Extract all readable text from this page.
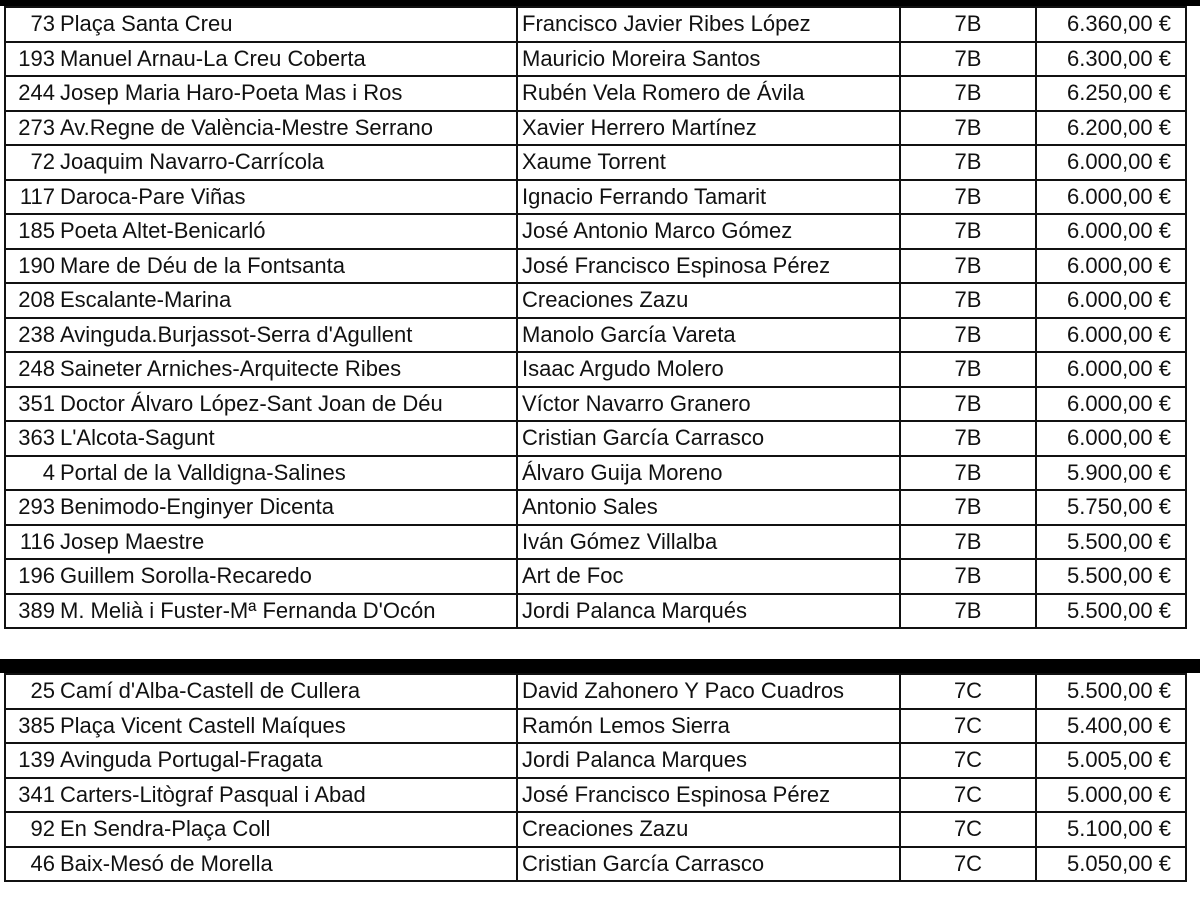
73	Plaça Santa Creu	Francisco Javier Ribes López	7B	6.360,00 €
193	Manuel Arnau-La Creu Coberta	Mauricio Moreira Santos	7B	6.300,00 €
244	Josep Maria Haro-Poeta Mas i Ros	Rubén Vela Romero de Ávila	7B	6.250,00 €
273	Av.Regne de València-Mestre Serrano	Xavier Herrero Martínez	7B	6.200,00 €
72	Joaquim Navarro-Carrícola	Xaume Torrent	7B	6.000,00 €
117	Daroca-Pare Viñas	Ignacio Ferrando Tamarit	7B	6.000,00 €
185	Poeta Altet-Benicarló	José Antonio Marco Gómez	7B	6.000,00 €
190	Mare de Déu de la Fontsanta	José Francisco Espinosa Pérez	7B	6.000,00 €
208	Escalante-Marina	Creaciones Zazu	7B	6.000,00 €
238	Avinguda.Burjassot-Serra d'Agullent	Manolo García Vareta	7B	6.000,00 €
248	Saineter Arniches-Arquitecte Ribes	Isaac Argudo Molero	7B	6.000,00 €
351	Doctor Álvaro López-Sant Joan de Déu	Víctor Navarro Granero	7B	6.000,00 €
363	L'Alcota-Sagunt	Cristian García Carrasco	7B	6.000,00 €
4	Portal de la Valldigna-Salines	Álvaro Guija Moreno	7B	5.900,00 €
293	Benimodo-Enginyer Dicenta	Antonio Sales	7B	5.750,00 €
116	Josep Maestre	Iván Gómez Villalba	7B	5.500,00 €
196	Guillem Sorolla-Recaredo	Art de Foc	7B	5.500,00 €
389	M. Melià i Fuster-Mª Fernanda D'Ocón	Jordi Palanca Marqués	7B	5.500,00 €
25	Camí d'Alba-Castell de Cullera	David Zahonero Y Paco Cuadros	7C	5.500,00 €
385	Plaça Vicent Castell Maíques	Ramón Lemos Sierra	7C	5.400,00 €
139	Avinguda Portugal-Fragata	Jordi Palanca Marques	7C	5.005,00 €
341	Carters-Litògraf Pasqual i Abad	José Francisco Espinosa Pérez	7C	5.000,00 €
92	En Sendra-Plaça Coll	Creaciones Zazu	7C	5.100,00 €
46	Baix-Mesó de Morella	Cristian García Carrasco	7C	5.050,00 €
